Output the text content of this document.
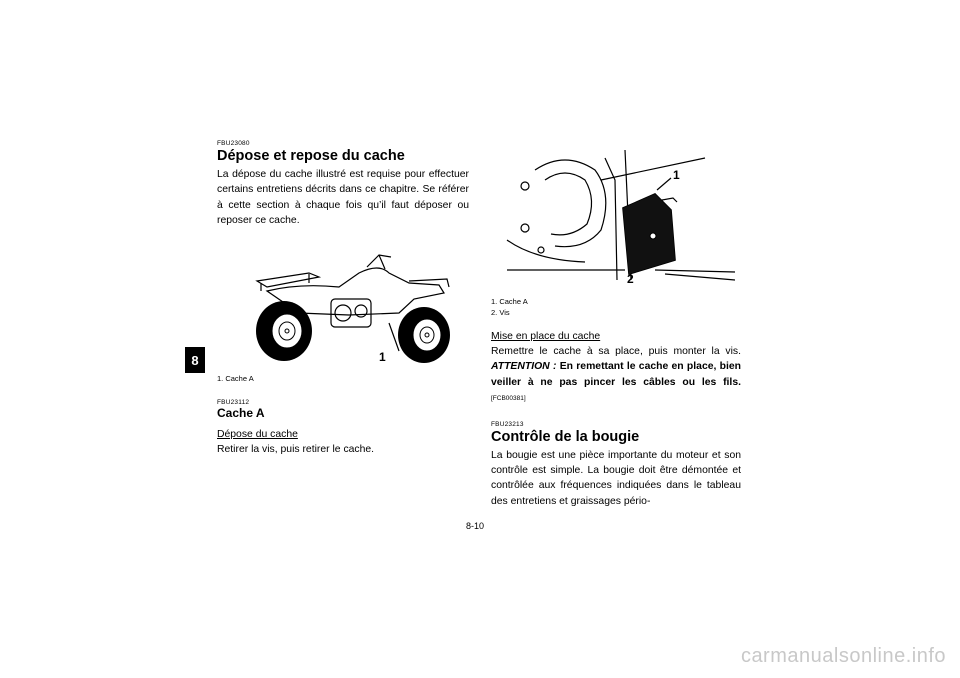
8
FBU23080
Dépose et repose du cache

La dépose du cache illustré est requise pour effectuer certains entretiens décrits dans ce chapitre. Se référer à cette section à chaque fois qu’il faut déposer ou reposer ce cache.

1
1. Cache A
FBU23112
Cache A
Dépose du cache

Retirer la vis, puis retirer le cache.

1
2
1. Cache A
2. Vis
Mise en place du cache

Remettre le cache à sa place, puis monter la vis. ATTENTION : En remettant le cache en place, bien veiller à ne pas pincer les câbles ou les fils. [FCB00381]

FBU23213
Contrôle de la bougie

La bougie est une pièce importante du moteur et son contrôle est simple. La bougie doit être démontée et contrôlée aux fréquences indiquées dans le tableau des entretiens et graissages pério-

8-10
carmanualsonline.info
